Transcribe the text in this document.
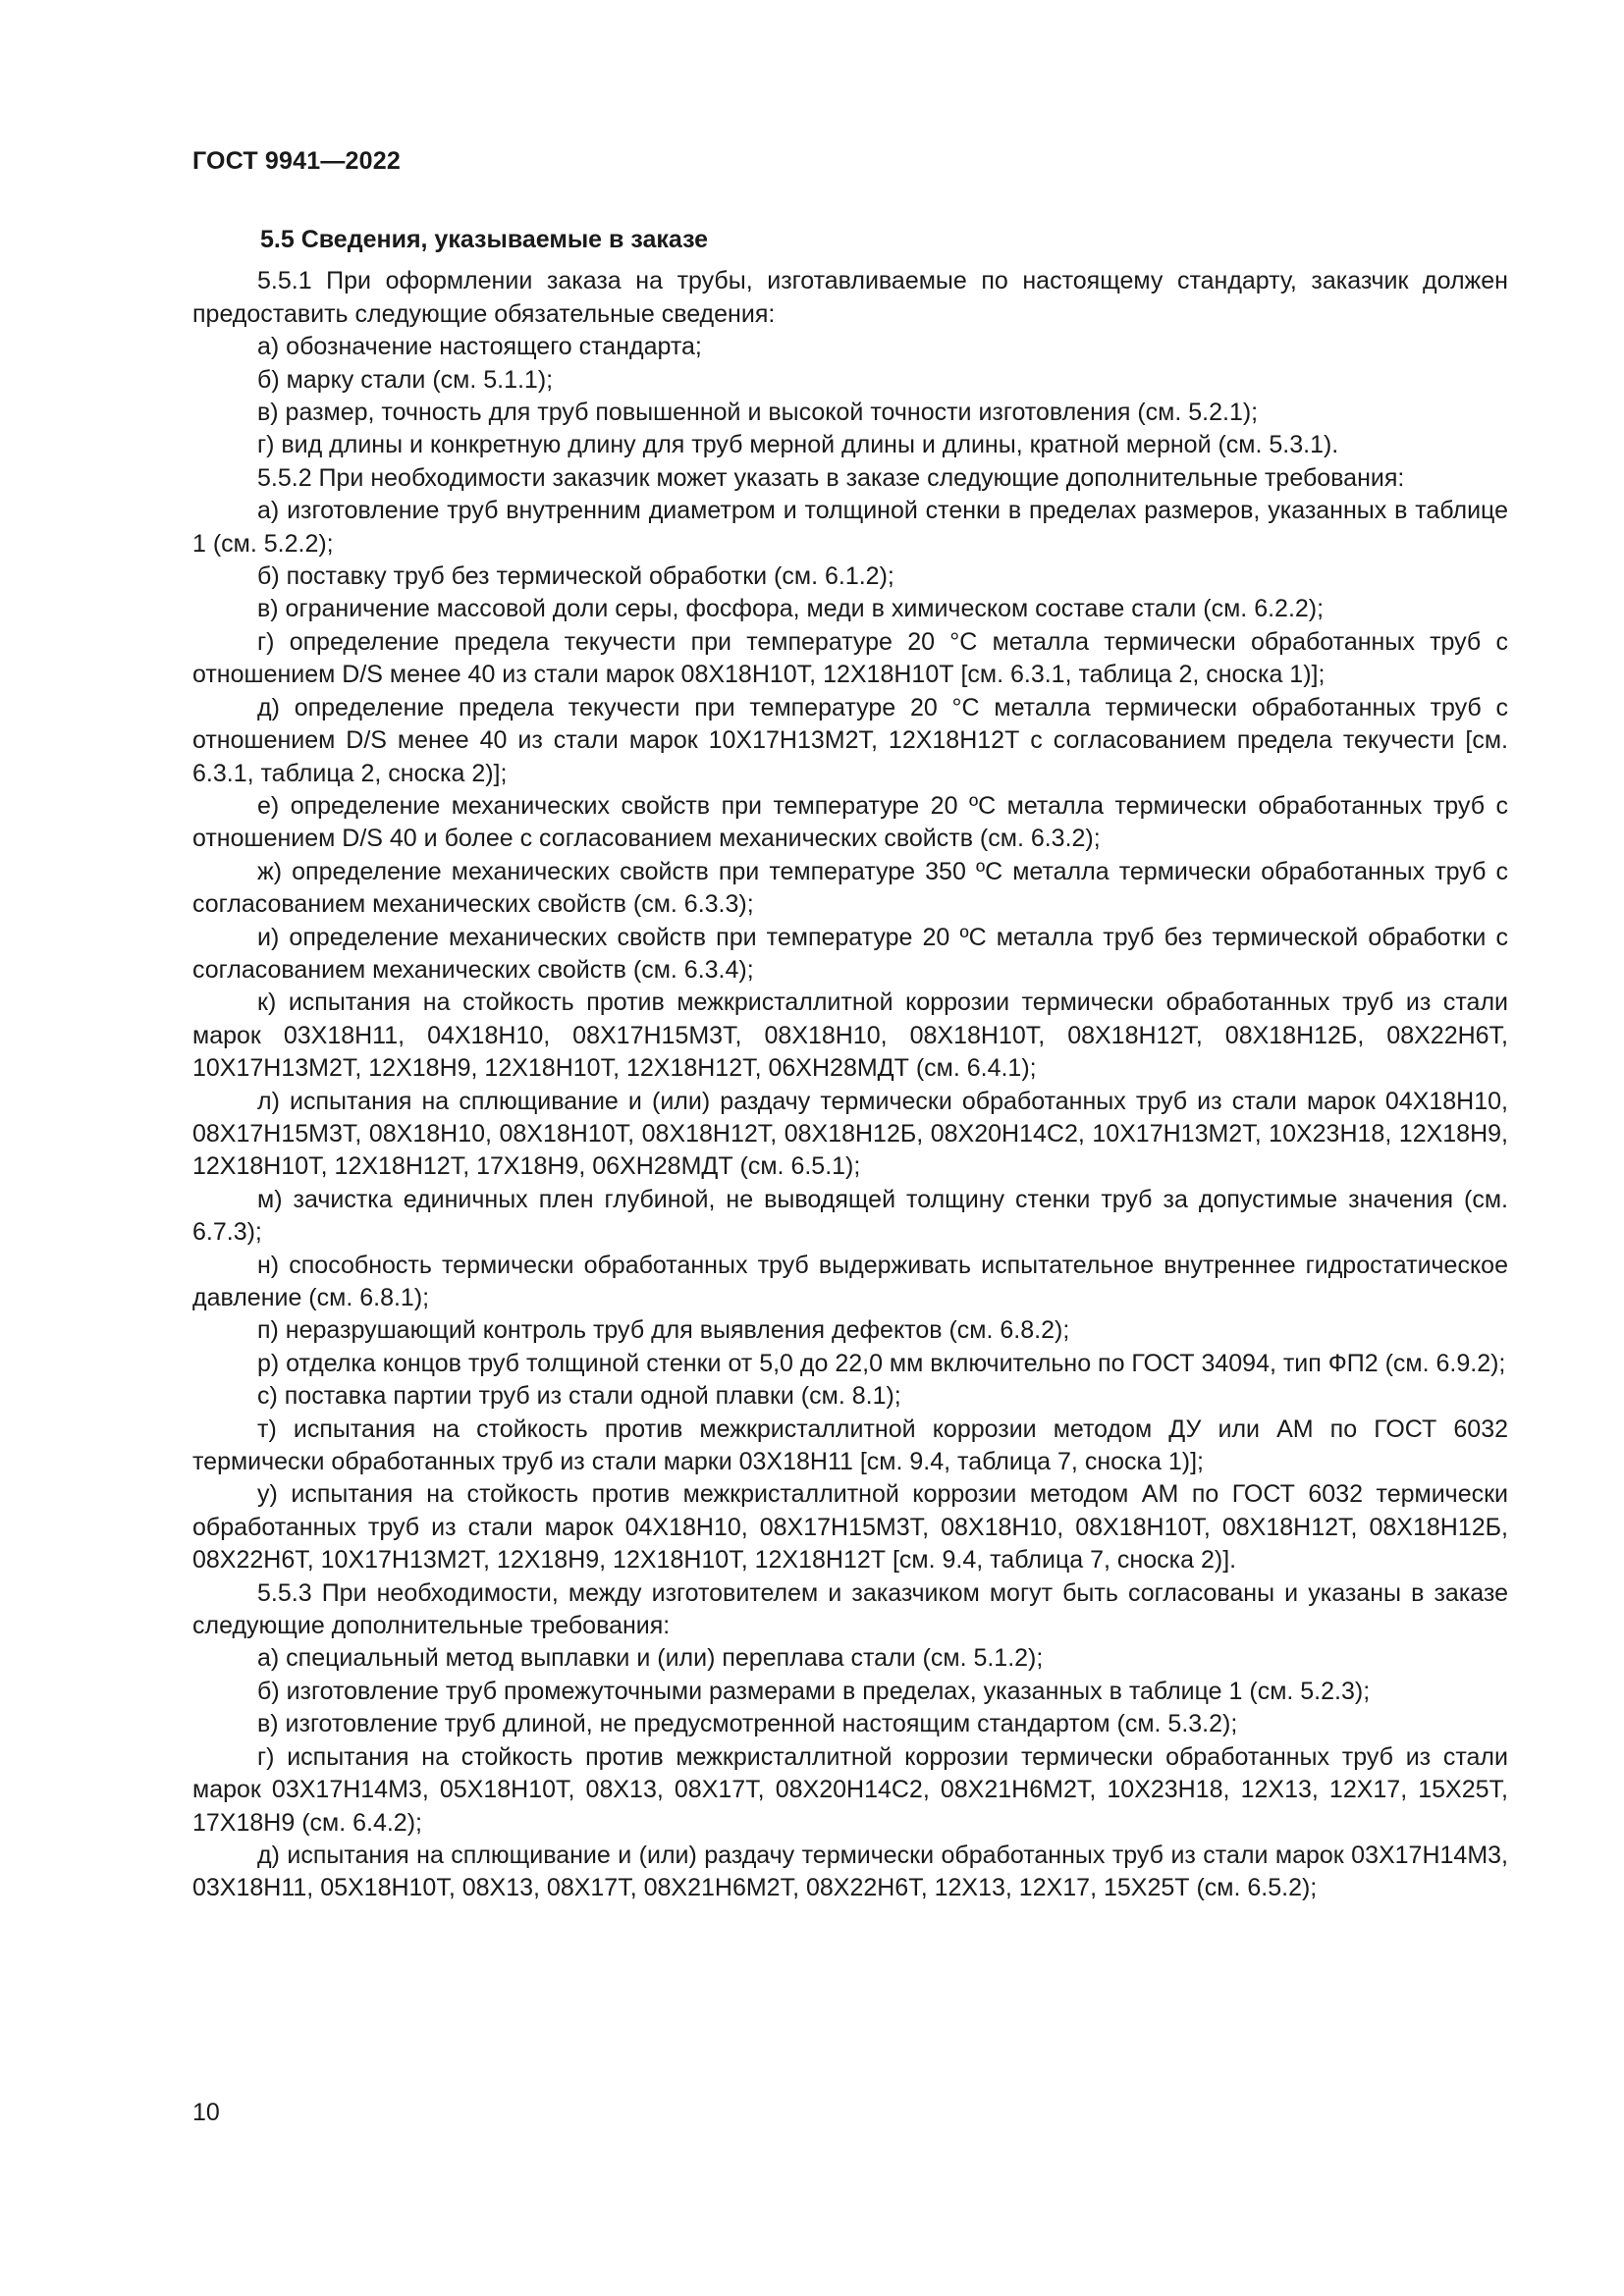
ГОСТ 9941—2022
5.5 Сведения, указываемые в заказе

5.5.1 При оформлении заказа на трубы, изготавливаемые по настоящему стандарту, заказчик должен предоставить следующие обязательные сведения:

а) обозначение настоящего стандарта;

б) марку стали (см. 5.1.1);

в) размер, точность для труб повышенной и высокой точности изготовления (см. 5.2.1);

г) вид длины и конкретную длину для труб мерной длины и длины, кратной мерной (см. 5.3.1).

5.5.2 При необходимости заказчик может указать в заказе следующие дополнительные требования:

а) изготовление труб внутренним диаметром и толщиной стенки в пределах размеров, указанных в таблице 1 (см. 5.2.2);

б) поставку труб без термической обработки (см. 6.1.2);

в) ограничение массовой доли серы, фосфора, меди в химическом составе стали (см. 6.2.2);

г) определение предела текучести при температуре 20 °С металла термически обработанных труб с отношением D/S менее 40 из стали марок 08Х18Н10Т, 12Х18Н10Т [см. 6.3.1, таблица 2, сноска 1)];

д) определение предела текучести при температуре 20 °С металла термически обработанных труб с отношением D/S менее 40 из стали марок 10Х17Н13М2Т, 12Х18Н12Т с согласованием предела текучести [см. 6.3.1, таблица 2, сноска 2)];

е) определение механических свойств при температуре 20 ºС металла термически обработанных труб с отношением D/S 40 и более с согласованием механических свойств (см. 6.3.2);

ж) определение механических свойств при температуре 350 ºС металла термически обработанных труб с согласованием механических свойств (см. 6.3.3);

и) определение механических свойств при температуре 20 ºС металла труб без термической обработки с согласованием механических свойств (см. 6.3.4);

к) испытания на стойкость против межкристаллитной коррозии термически обработанных труб из стали марок 03Х18Н11, 04Х18Н10, 08Х17Н15М3Т, 08Х18Н10, 08Х18Н10Т, 08Х18Н12Т, 08Х18Н12Б, 08Х22Н6Т, 10Х17Н13М2Т, 12Х18Н9, 12Х18Н10Т, 12Х18Н12Т, 06ХН28МДТ (см. 6.4.1);

л) испытания на сплющивание и (или) раздачу термически обработанных труб из стали марок 04Х18Н10, 08Х17Н15М3Т, 08Х18Н10, 08Х18Н10Т, 08Х18Н12Т, 08Х18Н12Б, 08Х20Н14С2, 10Х17Н13М2Т, 10Х23Н18, 12Х18Н9, 12Х18Н10Т, 12Х18Н12Т, 17Х18Н9, 06ХН28МДТ (см. 6.5.1);

м) зачистка единичных плен глубиной, не выводящей толщину стенки труб за допустимые значения (см. 6.7.3);

н) способность термически обработанных труб выдерживать испытательное внутреннее гидростатическое давление (см. 6.8.1);

п) неразрушающий контроль труб для выявления дефектов (см. 6.8.2);

р) отделка концов труб толщиной стенки от 5,0 до 22,0 мм включительно по ГОСТ 34094, тип ФП2 (см. 6.9.2);

с) поставка партии труб из стали одной плавки (см. 8.1);

т) испытания на стойкость против межкристаллитной коррозии методом ДУ или АМ по ГОСТ 6032 термически обработанных труб из стали марки 03Х18Н11 [см. 9.4, таблица 7, сноска 1)];

у) испытания на стойкость против межкристаллитной коррозии методом АМ по ГОСТ 6032 термически обработанных труб из стали марок 04Х18Н10, 08Х17Н15М3Т, 08Х18Н10, 08Х18Н10Т, 08Х18Н12Т, 08Х18Н12Б, 08Х22Н6Т, 10Х17Н13М2Т, 12Х18Н9, 12Х18Н10Т, 12Х18Н12Т [см. 9.4, таблица 7, сноска 2)].

5.5.3 При необходимости, между изготовителем и заказчиком могут быть согласованы и указаны в заказе следующие дополнительные требования:

а) специальный метод выплавки и (или) переплава стали (см. 5.1.2);

б) изготовление труб промежуточными размерами в пределах, указанных в таблице 1 (см. 5.2.3);

в) изготовление труб длиной, не предусмотренной настоящим стандартом (см. 5.3.2);

г) испытания на стойкость против межкристаллитной коррозии термически обработанных труб из стали марок 03Х17Н14М3, 05Х18Н10Т, 08Х13, 08Х17Т, 08Х20Н14С2, 08Х21Н6М2Т, 10Х23Н18, 12Х13, 12Х17, 15Х25Т, 17Х18Н9 (см. 6.4.2);

д) испытания на сплющивание и (или) раздачу термически обработанных труб из стали марок 03Х17Н14М3, 03Х18Н11, 05Х18Н10Т, 08Х13, 08Х17Т, 08Х21Н6М2Т, 08Х22Н6Т, 12Х13, 12Х17, 15Х25Т (см. 6.5.2);

10
